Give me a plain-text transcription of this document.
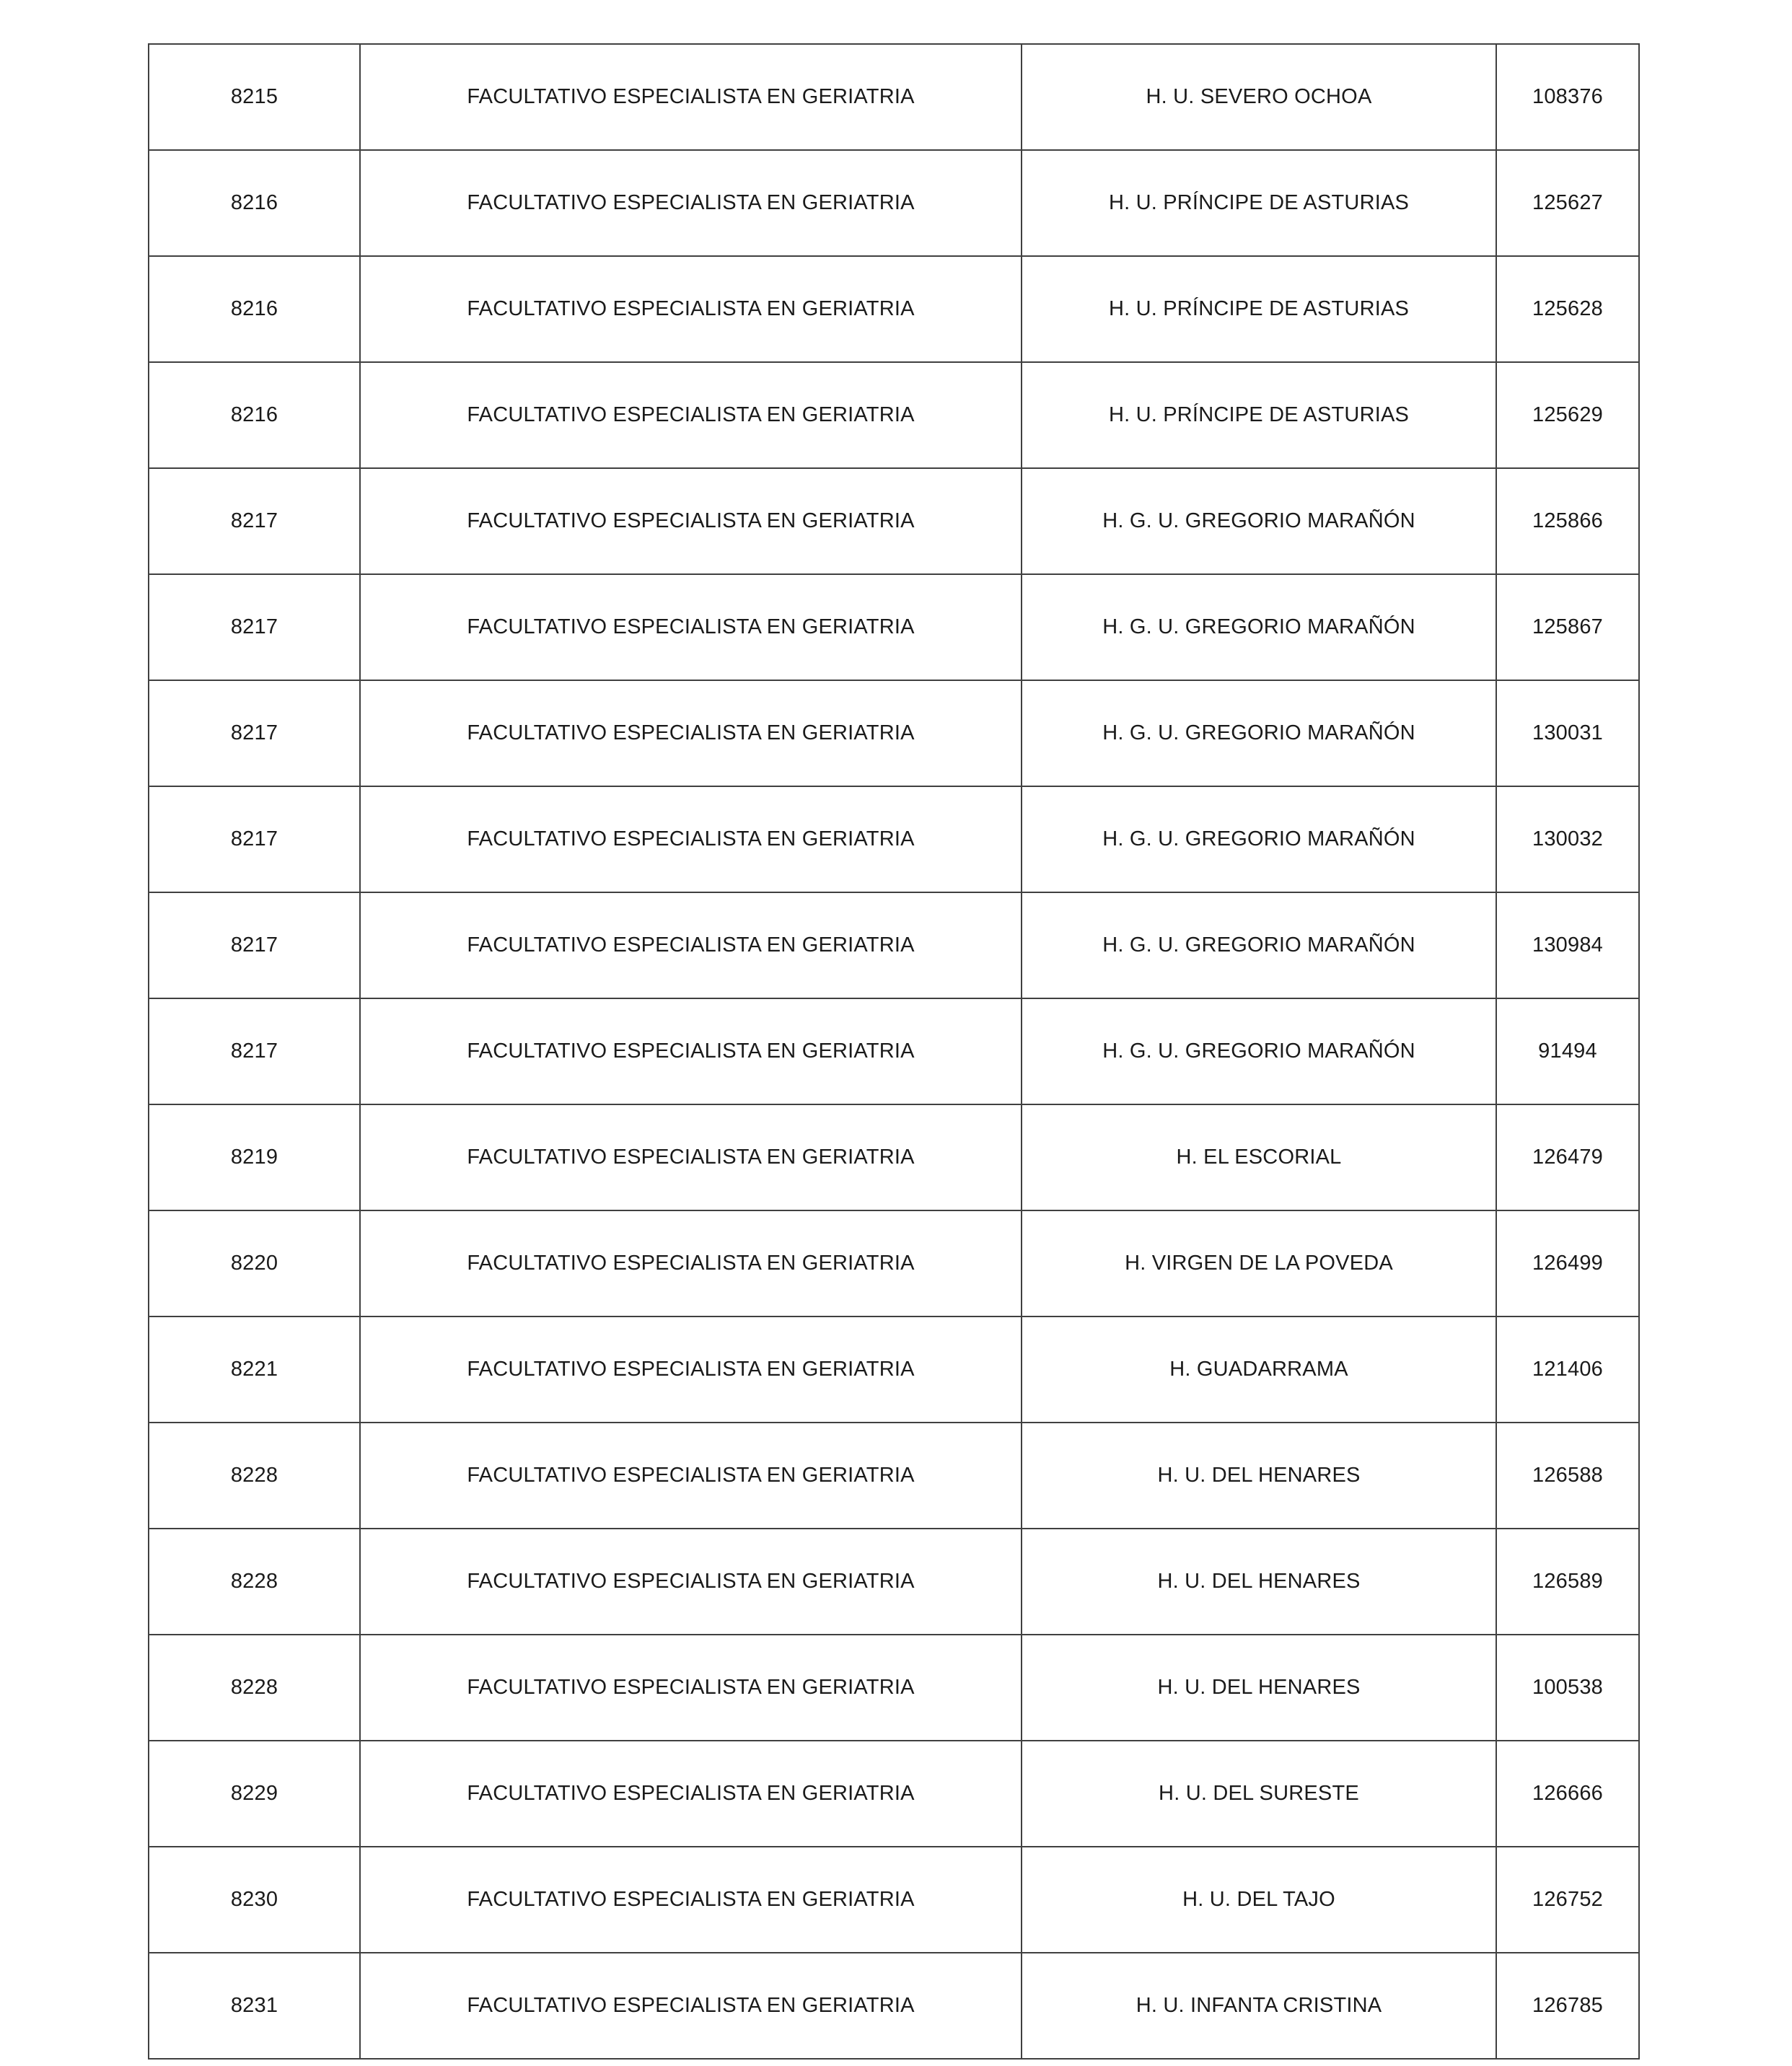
8215	FACULTATIVO ESPECIALISTA EN GERIATRIA	H. U. SEVERO OCHOA	108376
8216	FACULTATIVO ESPECIALISTA EN GERIATRIA	H. U. PRÍNCIPE DE ASTURIAS	125627
8216	FACULTATIVO ESPECIALISTA EN GERIATRIA	H. U. PRÍNCIPE DE ASTURIAS	125628
8216	FACULTATIVO ESPECIALISTA EN GERIATRIA	H. U. PRÍNCIPE DE ASTURIAS	125629
8217	FACULTATIVO ESPECIALISTA EN GERIATRIA	H. G. U. GREGORIO MARAÑÓN	125866
8217	FACULTATIVO ESPECIALISTA EN GERIATRIA	H. G. U. GREGORIO MARAÑÓN	125867
8217	FACULTATIVO ESPECIALISTA EN GERIATRIA	H. G. U. GREGORIO MARAÑÓN	130031
8217	FACULTATIVO ESPECIALISTA EN GERIATRIA	H. G. U. GREGORIO MARAÑÓN	130032
8217	FACULTATIVO ESPECIALISTA EN GERIATRIA	H. G. U. GREGORIO MARAÑÓN	130984
8217	FACULTATIVO ESPECIALISTA EN GERIATRIA	H. G. U. GREGORIO MARAÑÓN	91494
8219	FACULTATIVO ESPECIALISTA EN GERIATRIA	H. EL ESCORIAL	126479
8220	FACULTATIVO ESPECIALISTA EN GERIATRIA	H. VIRGEN DE LA POVEDA	126499
8221	FACULTATIVO ESPECIALISTA EN GERIATRIA	H. GUADARRAMA	121406
8228	FACULTATIVO ESPECIALISTA EN GERIATRIA	H. U. DEL HENARES	126588
8228	FACULTATIVO ESPECIALISTA EN GERIATRIA	H. U. DEL HENARES	126589
8228	FACULTATIVO ESPECIALISTA EN GERIATRIA	H. U. DEL HENARES	100538
8229	FACULTATIVO ESPECIALISTA EN GERIATRIA	H. U. DEL SURESTE	126666
8230	FACULTATIVO ESPECIALISTA EN GERIATRIA	H. U. DEL TAJO	126752
8231	FACULTATIVO ESPECIALISTA EN GERIATRIA	H. U. INFANTA CRISTINA	126785
